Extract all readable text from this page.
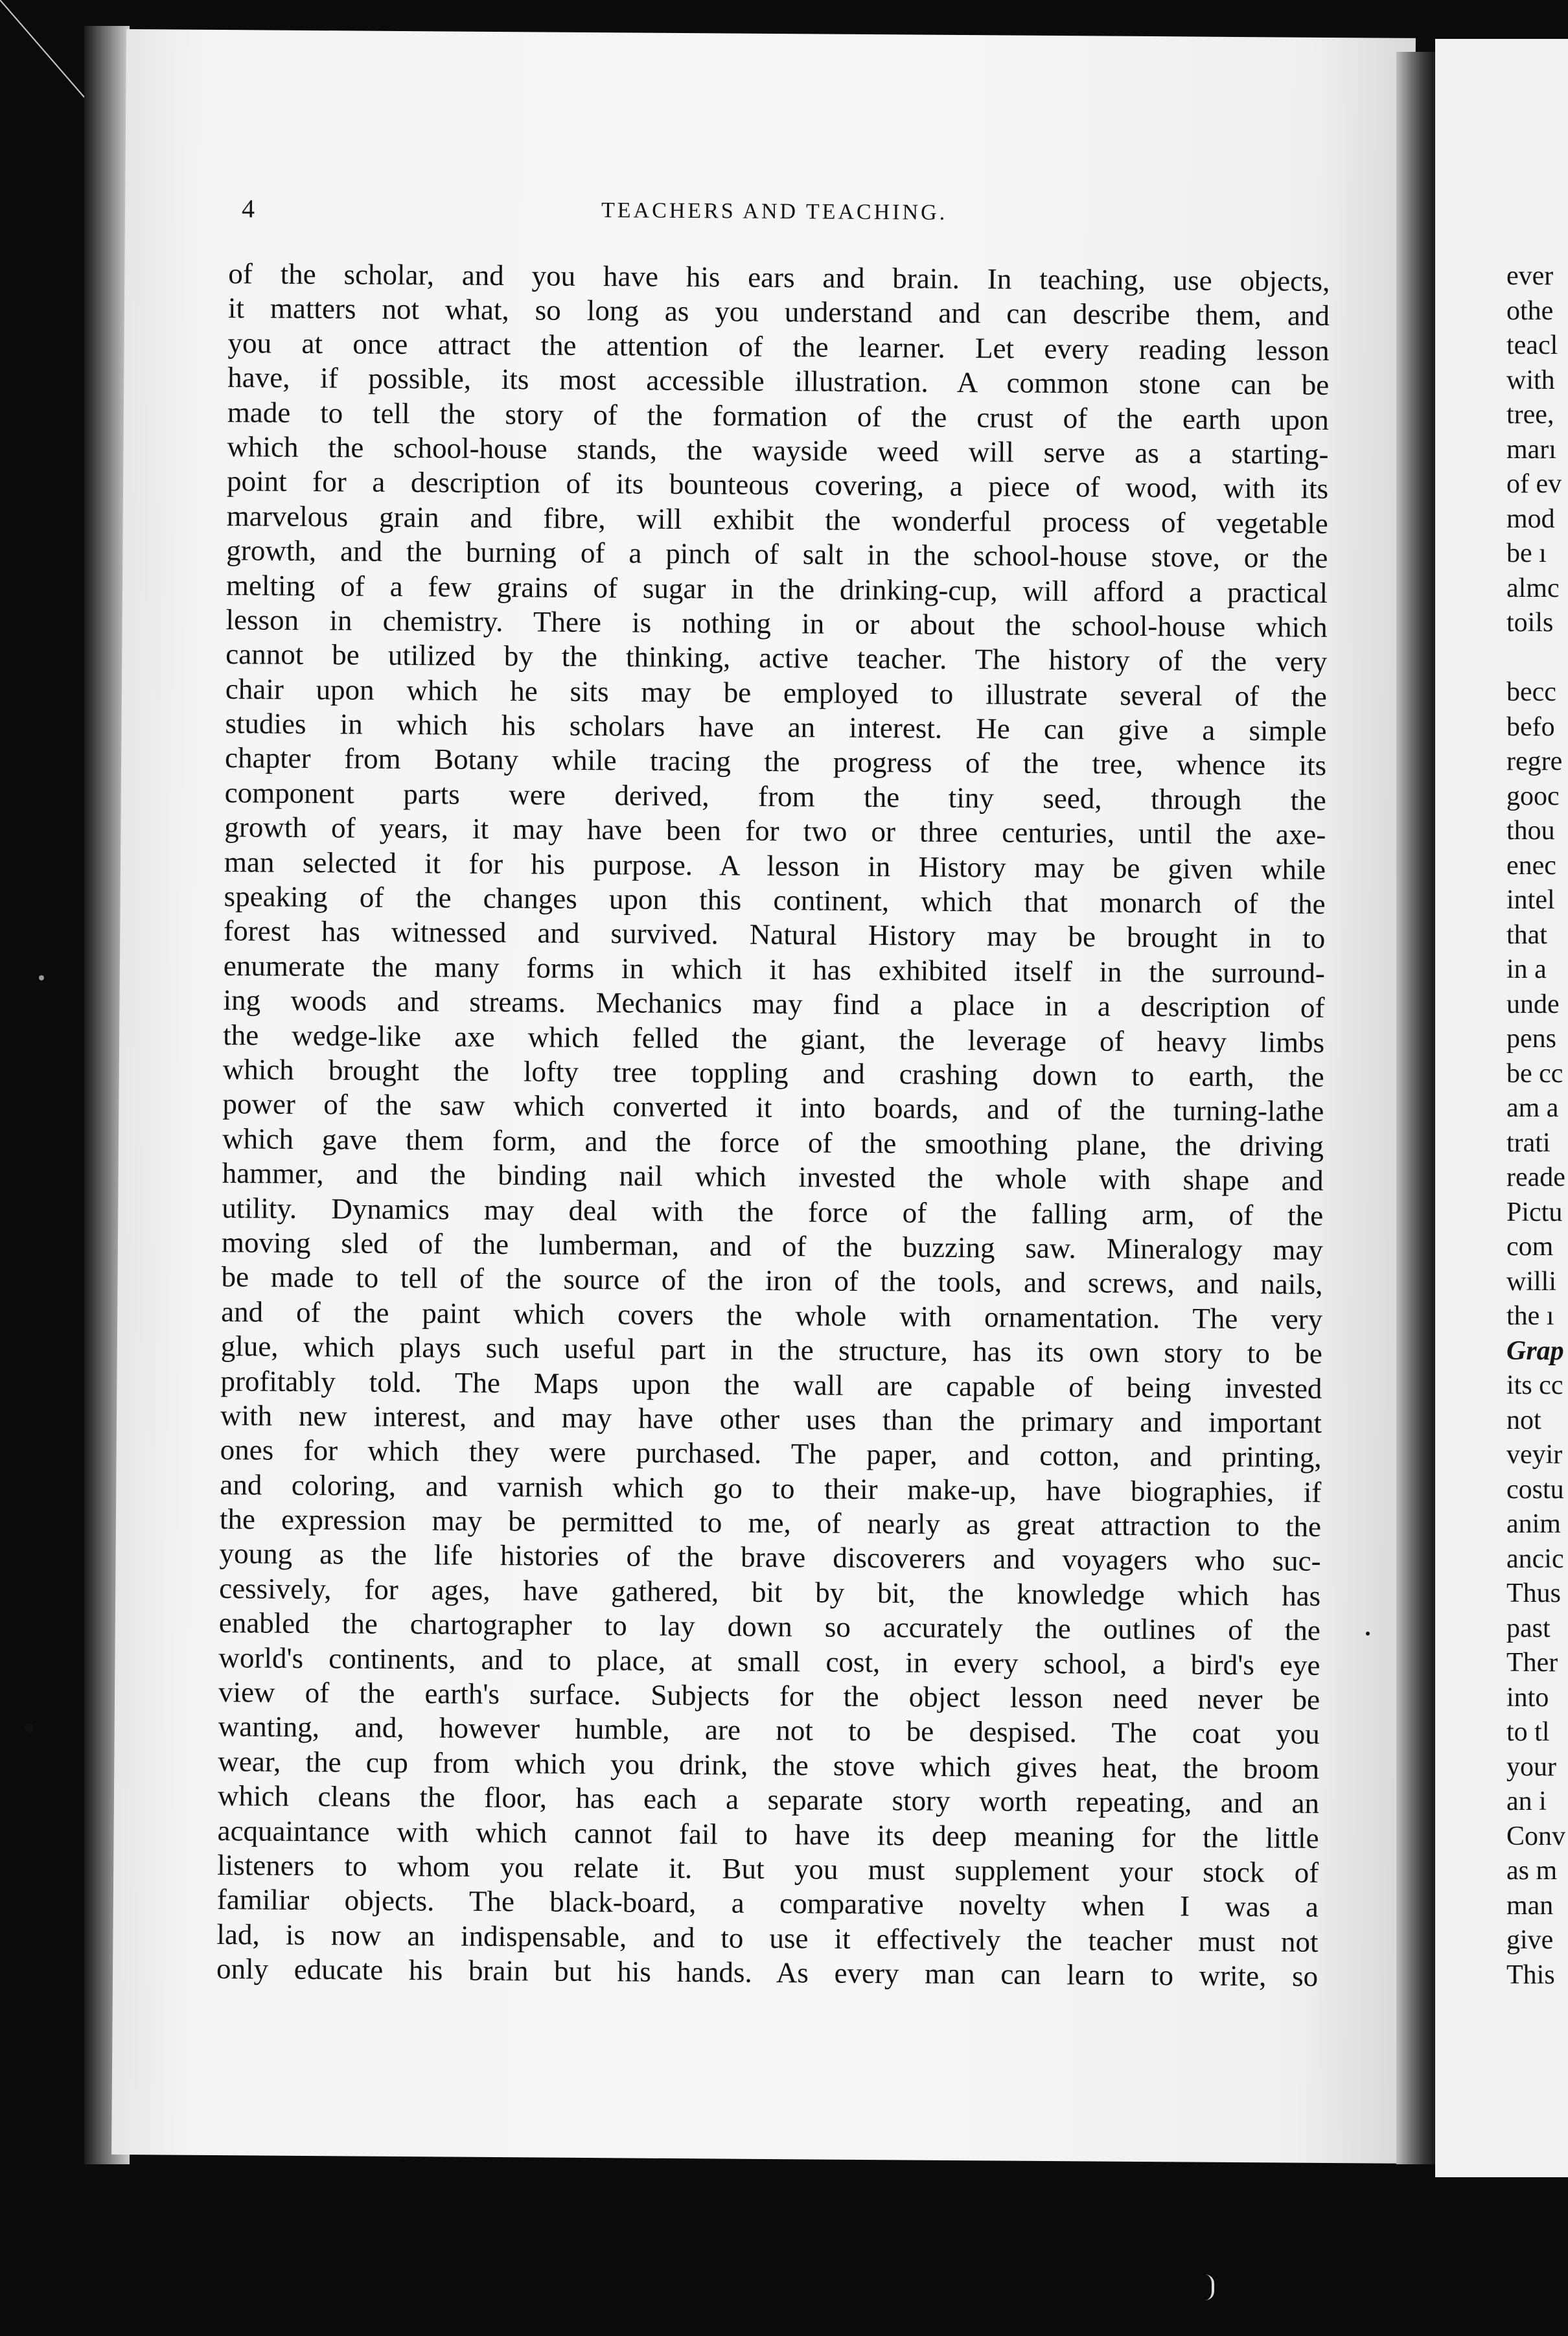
4	TEACHERS AND TEACHING.
of the scholar, and you have his ears and brain. In teaching, use objects,
it matters not what, so long as you understand and can describe them, and
you at once attract the attention of the learner. Let every reading lesson
have, if possible, its most accessible illustration. A common stone can be
made to tell the story of the formation of the crust of the earth upon
which the school-house stands, the wayside weed will serve as a starting-
point for a description of its bounteous covering, a piece of wood, with its
marvelous grain and fibre, will exhibit the wonderful process of vegetable
growth, and the burning of a pinch of salt in the school-house stove, or the
melting of a few grains of sugar in the drinking-cup, will afford a practical
lesson in chemistry. There is nothing in or about the school-house which
cannot be utilized by the thinking, active teacher. The history of the very
chair upon which he sits may be employed to illustrate several of the
studies in which his scholars have an interest. He can give a simple
chapter from Botany while tracing the progress of the tree, whence its
component parts were derived, from the tiny seed, through the
growth of years, it may have been for two or three centuries, until the axe-
man selected it for his purpose. A lesson in History may be given while
speaking of the changes upon this continent, which that monarch of the
forest has witnessed and survived. Natural History may be brought in to
enumerate the many forms in which it has exhibited itself in the surround-
ing woods and streams. Mechanics may find a place in a description of
the wedge-like axe which felled the giant, the leverage of heavy limbs
which brought the lofty tree toppling and crashing down to earth, the
power of the saw which converted it into boards, and of the turning-lathe
which gave them form, and the force of the smoothing plane, the driving
hammer, and the binding nail which invested the whole with shape and
utility. Dynamics may deal with the force of the falling arm, of the
moving sled of the lumberman, and of the buzzing saw. Mineralogy may
be made to tell of the source of the iron of the tools, and screws, and nails,
and of the paint which covers the whole with ornamentation. The very
glue, which plays such useful part in the structure, has its own story to be
profitably told. The Maps upon the wall are capable of being invested
with new interest, and may have other uses than the primary and important
ones for which they were purchased. The paper, and cotton, and printing,
and coloring, and varnish which go to their make-up, have biographies, if
the expression may be permitted to me, of nearly as great attraction to the
young as the life histories of the brave discoverers and voyagers who suc-
cessively, for ages, have gathered, bit by bit, the knowledge which has
enabled the chartographer to lay down so accurately the outlines of the
world's continents, and to place, at small cost, in every school, a bird's eye
view of the earth's surface. Subjects for the object lesson need never be
wanting, and, however humble, are not to be despised. The coat you
wear, the cup from which you drink, the stove which gives heat, the broom
which cleans the floor, has each a separate story worth repeating, and an
acquaintance with which cannot fail to have its deep meaning for the little
listeners to whom you relate it. But you must supplement your stock of
familiar objects. The black-board, a comparative novelty when I was a
lad, is now an indispensable, and to use it effectively the teacher must not
only educate his brain but his hands. As every man can learn to write, so
ever
othe
teacl
with
tree,
marı
of ev
mod
be ı
almc
toils
becc
befo
regre
gooc
thou
enec
intel
that
in a
unde
pens
be cc
am a
trati
reade
Pictu
com
willi
the ı
Grap
its cc
not
veyir
costu
anim
ancic
Thus
past
Ther
into
to tl
your
an i
Conv
as m
man
give
This
